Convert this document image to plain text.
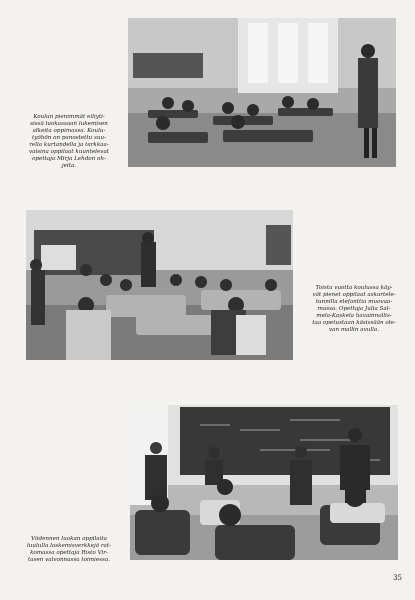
Koulun pienimmät eiliyti-
sissä luokassaan lukemisen
alkeita oppimassa. Koulu-
työhön on panostettu suu-
rella kurtandella ja tarkkaa-
vaisina oppilaat kuuntelevat
opettaja Mirja Lehdon oh-
jeita.
Toista vuotta koulussa käy-
vät pienet oppilaat askartele-
tunnilla elefanttia muovaa-
massa. Opettaja Julia Sal-
mela-Koskela havainnollis-
taa opetustaan käsissään ole-
van mallin avulla.
Viidennen luokan oppilaita
luululla laskemisverkkejä rat-
komassa opettaja Risto Vir-
tasen valvonnassa toimiessa.
35
